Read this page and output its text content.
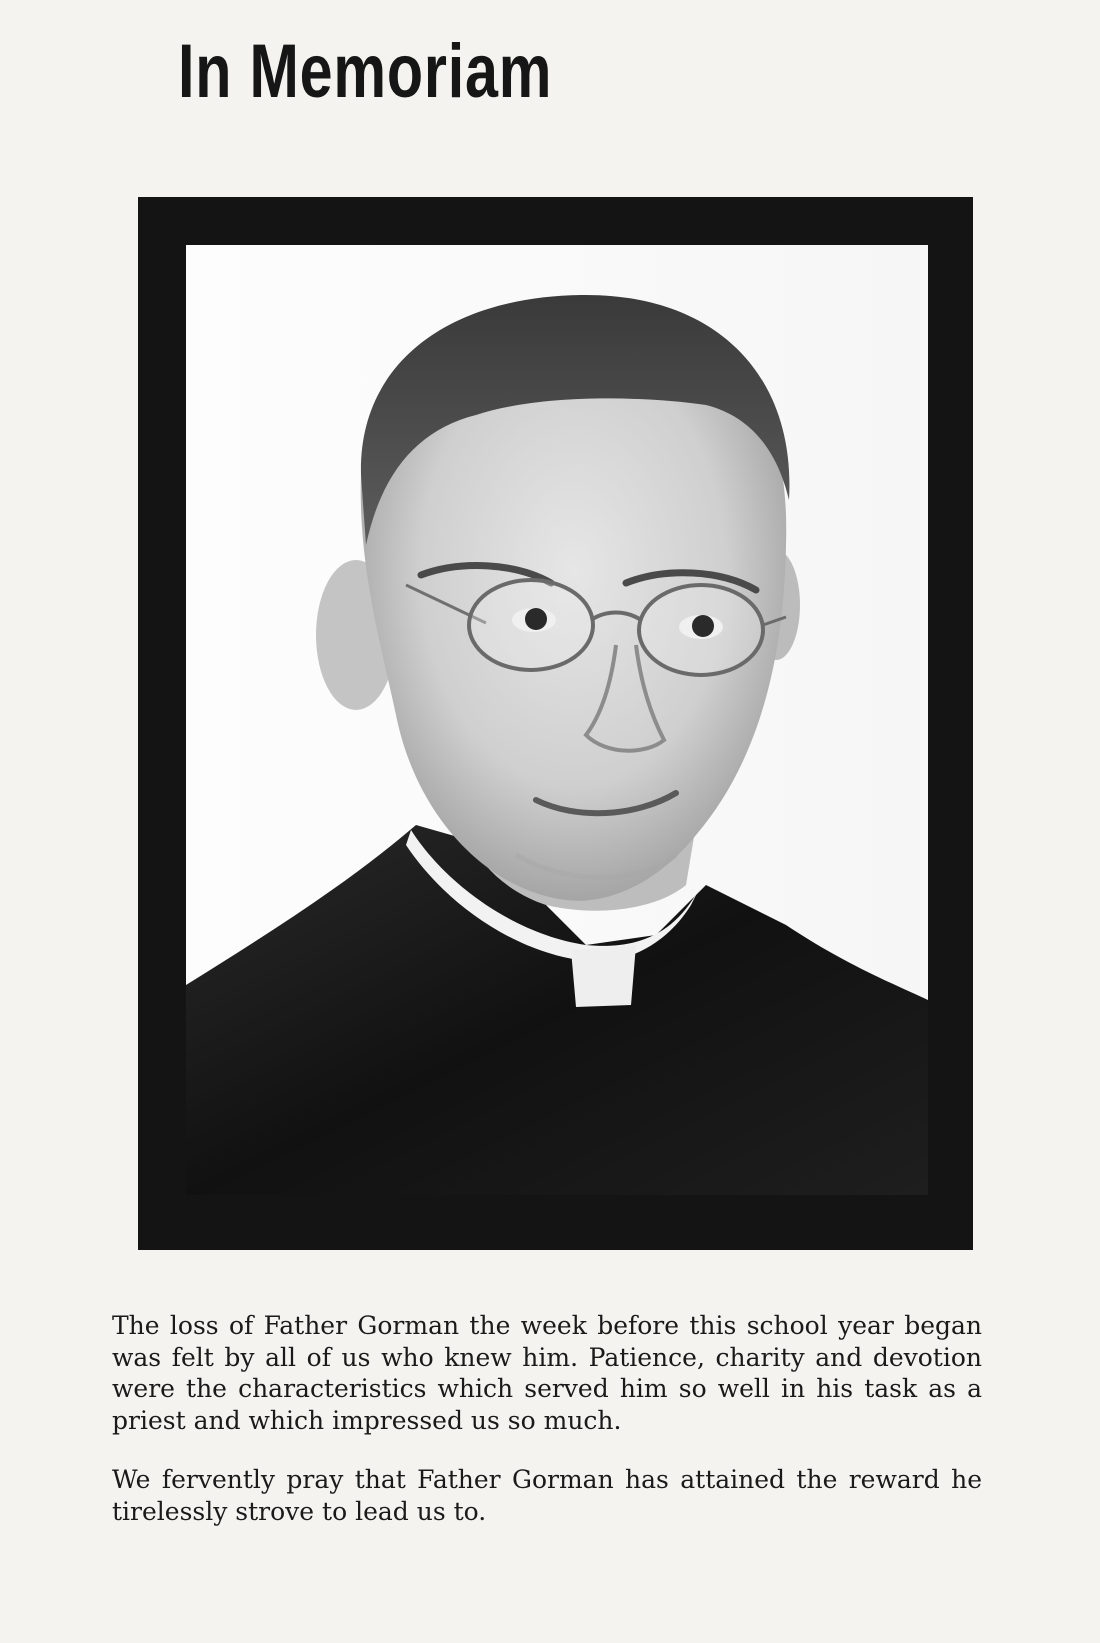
In Memoriam

The loss of Father Gorman the week before this school year began was felt by all of us who knew him. Patience, charity and devotion were the characteristics which served him so well in his task as a priest and which impressed us so much.

We fervently pray that Father Gorman has attained the reward he tirelessly strove to lead us to.
